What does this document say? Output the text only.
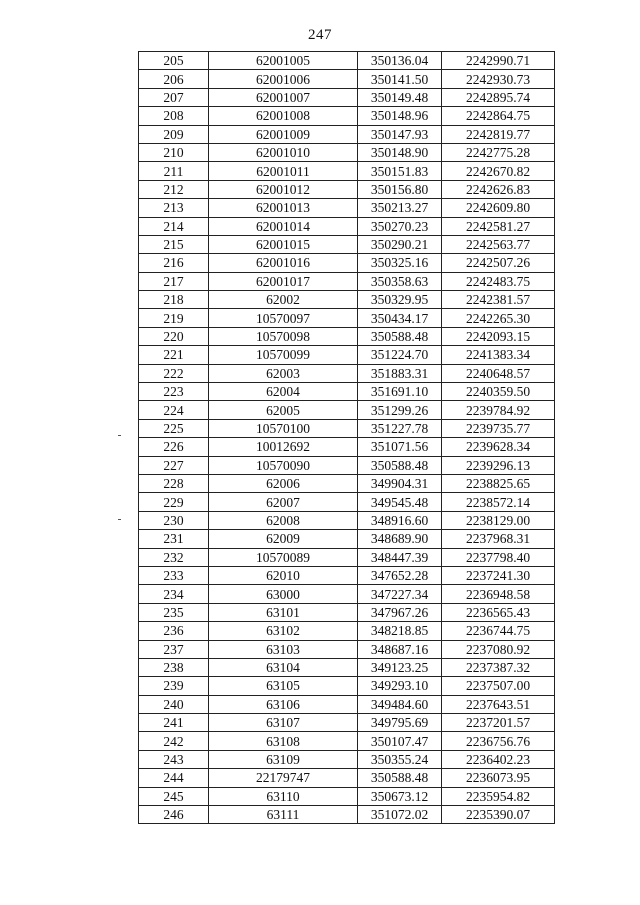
247
205	62001005	350136.04	2242990.71
206	62001006	350141.50	2242930.73
207	62001007	350149.48	2242895.74
208	62001008	350148.96	2242864.75
209	62001009	350147.93	2242819.77
210	62001010	350148.90	2242775.28
211	62001011	350151.83	2242670.82
212	62001012	350156.80	2242626.83
213	62001013	350213.27	2242609.80
214	62001014	350270.23	2242581.27
215	62001015	350290.21	2242563.77
216	62001016	350325.16	2242507.26
217	62001017	350358.63	2242483.75
218	62002	350329.95	2242381.57
219	10570097	350434.17	2242265.30
220	10570098	350588.48	2242093.15
221	10570099	351224.70	2241383.34
222	62003	351883.31	2240648.57
223	62004	351691.10	2240359.50
224	62005	351299.26	2239784.92
225	10570100	351227.78	2239735.77
226	10012692	351071.56	2239628.34
227	10570090	350588.48	2239296.13
228	62006	349904.31	2238825.65
229	62007	349545.48	2238572.14
230	62008	348916.60	2238129.00
231	62009	348689.90	2237968.31
232	10570089	348447.39	2237798.40
233	62010	347652.28	2237241.30
234	63000	347227.34	2236948.58
235	63101	347967.26	2236565.43
236	63102	348218.85	2236744.75
237	63103	348687.16	2237080.92
238	63104	349123.25	2237387.32
239	63105	349293.10	2237507.00
240	63106	349484.60	2237643.51
241	63107	349795.69	2237201.57
242	63108	350107.47	2236756.76
243	63109	350355.24	2236402.23
244	22179747	350588.48	2236073.95
245	63110	350673.12	2235954.82
246	63111	351072.02	2235390.07
